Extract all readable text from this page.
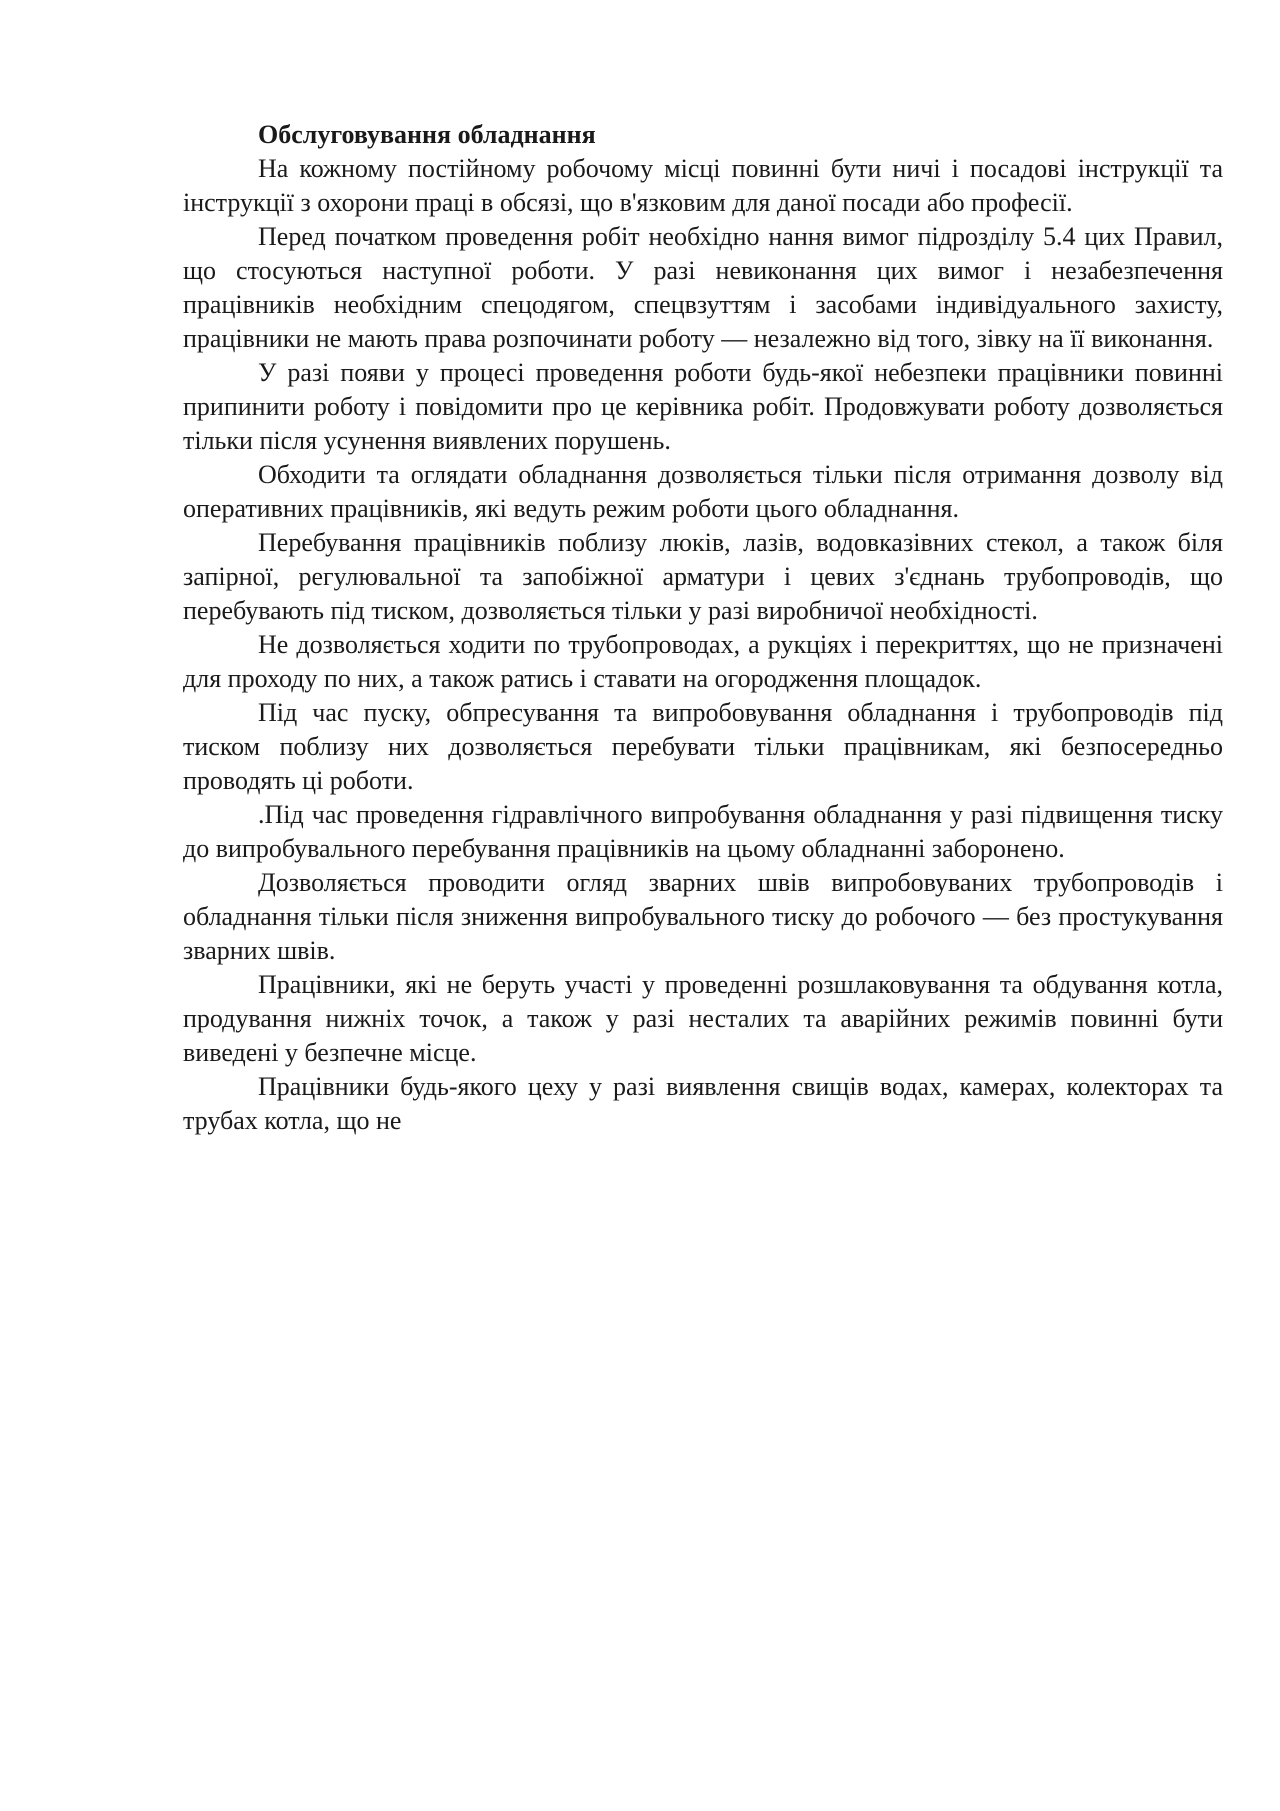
Обслуговування обладнання

На кожному постійному робочому місці повинні бути ничі і посадові інструкції та інструкції з охорони праці в обсязі, що в'язковим для даної посади або професії.

Перед початком проведення робіт необхідно нання вимог підрозділу 5.4 цих Правил, що стосуються наступної роботи. У разі невиконання цих вимог і незабезпечення працівників необхідним спецодягом, спецвзуттям і засобами індивідуального захисту, працівники не мають права розпочинати роботу — незалежно від того, зівку на її виконання.

У разі появи у процесі проведення роботи будь-якої небезпеки працівники повинні припинити роботу і повідомити про це керівника робіт. Продовжувати роботу дозволяється тільки після усунення виявлених порушень.

Обходити та оглядати обладнання дозволяється тільки після отримання дозволу від оперативних працівників, які ведуть режим роботи цього обладнання.

Перебування працівників поблизу люків, лазів, водовказівних стекол, а також біля запірної, регулювальної та запобіжної арматури і цевих з'єднань трубопроводів, що перебувають під тиском, дозволяється тільки у разі виробничої необхідності.

Не дозволяється ходити по трубопроводах, а рукціях і перекриттях, що не призначені для проходу по них, а також ратись і ставати на огородження площадок.

Під час пуску, обпресування та випробовування обладнання і трубопроводів під тиском поблизу них дозволяється перебувати тільки працівникам, які безпосередньо проводять ці роботи.

.Під час проведення гідравлічного випробування обладнання у разі підвищення тиску до випробувального перебування працівників на цьому обладнанні заборонено.

Дозволяється проводити огляд зварних швів випробовуваних трубопроводів і обладнання тільки після зниження випробувального тиску до робочого — без простукування зварних швів.

Працівники, які не беруть участі у проведенні розшлаковування та обдування котла, продування нижніх точок, а також у разі несталих та аварійних режимів повинні бути виведені у безпечне місце.

Працівники будь-якого цеху у разі виявлення свищів водах, камерах, колекторах та трубах котла, що не
